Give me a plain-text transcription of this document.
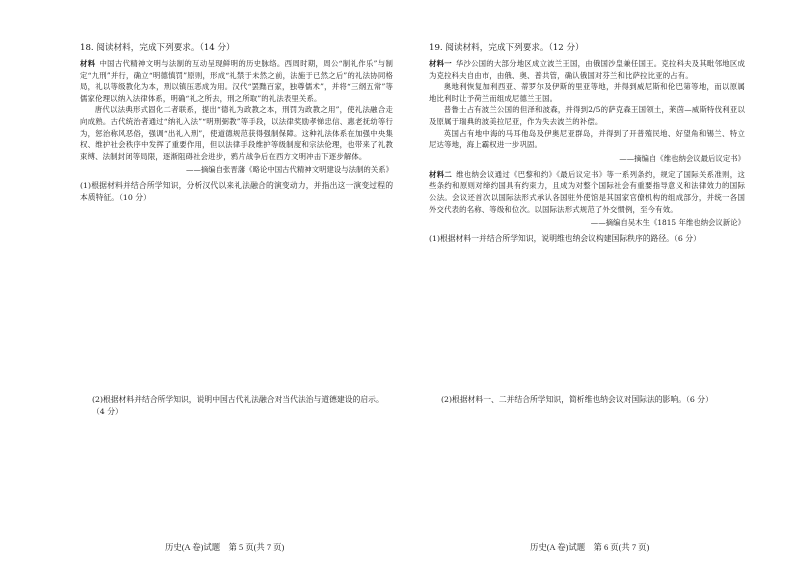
18. 阅读材料，完成下列要求。（14 分）

材料 中国古代精神文明与法制的互动呈现鲜明的历史脉络。西周时期，周公“制礼作乐”与制定“九刑”并行，确立“明德慎罚”原则，形成“礼禁于未然之前，法施于已然之后”的礼法协同格局，礼以等级教化为本，刑以镇压恶成为用。汉代“罢黜百家，独尊儒术”，并将“三纲五常”等儒家伦理以纳入法律体系，明确“礼之所去，刑之所取”的礼法表里关系。

唐代以法典形式固化二者联系，提出“德礼为政教之本，刑罚为政教之用”，使礼法融合走向成熟。古代统治者通过“纳礼入法”“明刑弼教”等手段，以法律奖励孝悌忠信、惠老抚幼等行为，惩治称风恶俗，强调“出礼入刑”，使道德规范获得强制保障。这种礼法体系在加强中央集权、维护社会秩序中发挥了重要作用，但以法律手段维护等级制度和宗法伦理，也带来了礼教束缚、法制封闭等局限，逐渐阻碍社会进步，鸦片战争后在西方文明冲击下逐步解体。

——摘编自张晋藩《略论中国古代精神文明建设与法制的关系》

(1)根据材料并结合所学知识，分析汉代以来礼法融合的演变动力，并指出这一演变过程的本质特征。（10 分）

(2)根据材料并结合所学知识，说明中国古代礼法融合对当代法治与道德建设的启示。（4 分）

历史(A 卷)试题　第 5 页(共 7 页)

19. 阅读材料，完成下列要求。（12 分）

材料一 华沙公国的大部分地区成立波兰王国，由俄国沙皇兼任国王。克拉科夫及其毗邻地区成为克拉科夫自由市，由俄、奥、普共管，确认俄国对芬兰和比萨拉比亚的占有。

奥地利恢复加利西亚、蒂罗尔及伊斯的里亚等地，并得到威尼斯和伦巴第等地，而以原属地比利时让予荷兰而组成尼德兰王国。

普鲁士占有波兰公国的但泽和波森，并得到2/5的萨克森王国领土，莱茵—威斯特伐利亚以及原属于瑞典的波美拉尼亚，作为失去波兰的补偿。

英国占有地中海的马耳他岛及伊奥尼亚群岛，并得到了开普殖民地、好望角和锡兰、特立尼达等地，海上霸权进一步巩固。

——摘编自《维也纳会议最后议定书》

材料二 维也纳会议通过《巴黎和约》《最后议定书》等一系列条约，规定了国际关系准则，这些条约和原则对缔约国具有约束力，且成为对整个国际社会有重要指导意义和法律效力的国际公法。会议还首次以国际法形式承认各国驻外使馆是其国家官僚机构的组成部分，并统一各国外交代表的名称、等级和位次。以国际法形式规范了外交惯例，至今有效。

——摘编自吴木生《1815 年维也纳会议新论》

(1)根据材料一并结合所学知识，说明维也纳会议构建国际秩序的路径。（6 分）

(2)根据材料一、二并结合所学知识，简析维也纳会议对国际法的影响。（6 分）

历史(A 卷)试题　第 6 页(共 7 页)
